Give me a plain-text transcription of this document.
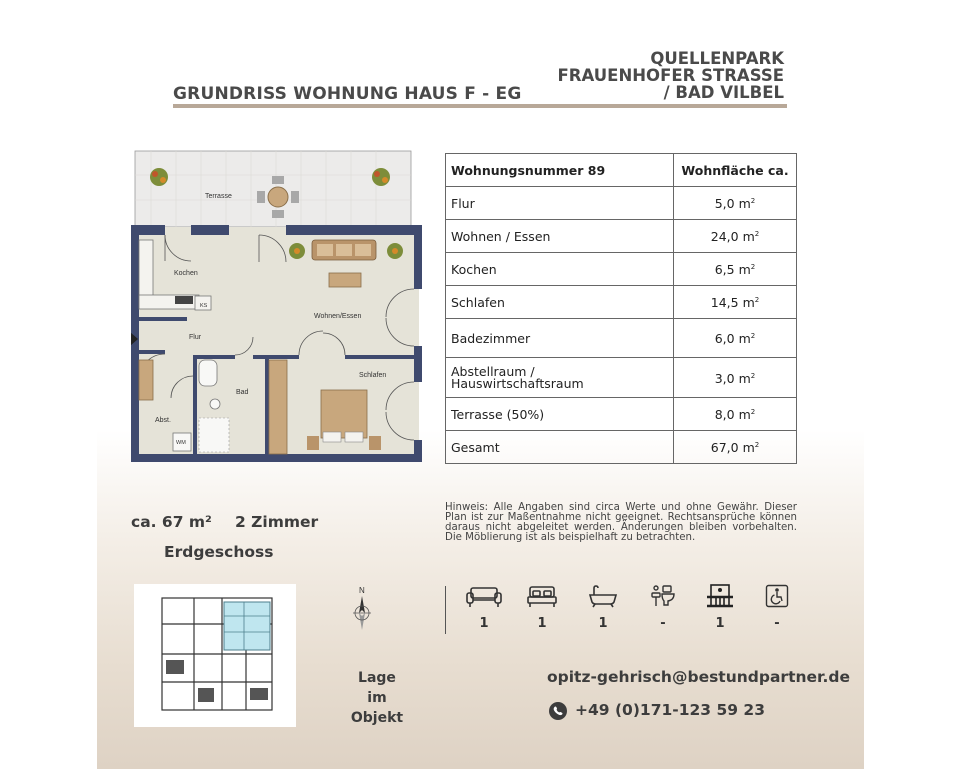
GRUNDRISS WOHNUNG HAUS F - EG
QUELLENPARK
FRAUENHOFER STRASSE
/ BAD VILBEL
Terrasse
Kochen
KS
Flur
Wohnen/Essen
Schlafen
Bad
Abst.
WM
Wohnungsnummer 89	Wohnfläche ca.
Flur	5,0 $m^2$
Wohnen / Essen	24,0 $m^2$
Kochen	6,5 $m^2$
Schlafen	14,5 $m^2$
Badezimmer	6,0 $m^2$

Abstellraum /
Hauswirtschaftsraum	3,0 $m^2$
Terrasse (50%)	8,0 $m^2$
Gesamt	67,0 $m^2$
ca. 67 m² 2 Zimmer
Erdgeschoss
Hinweis: Alle Angaben sind circa Werte und ohne Gewähr. Dieser Plan ist zur Maßentnahme nicht geeignet. Rechtsansprüche können daraus nicht abgeleitet werden. Änderungen bleiben vorbehalten. Die Möblierung ist als beispielhaft zu betrachten.
N
Lage
im
Objekt
1	1	1	-	1	-
opitz-gehrisch@bestundpartner.de
+49 (0)171-123 59 23
